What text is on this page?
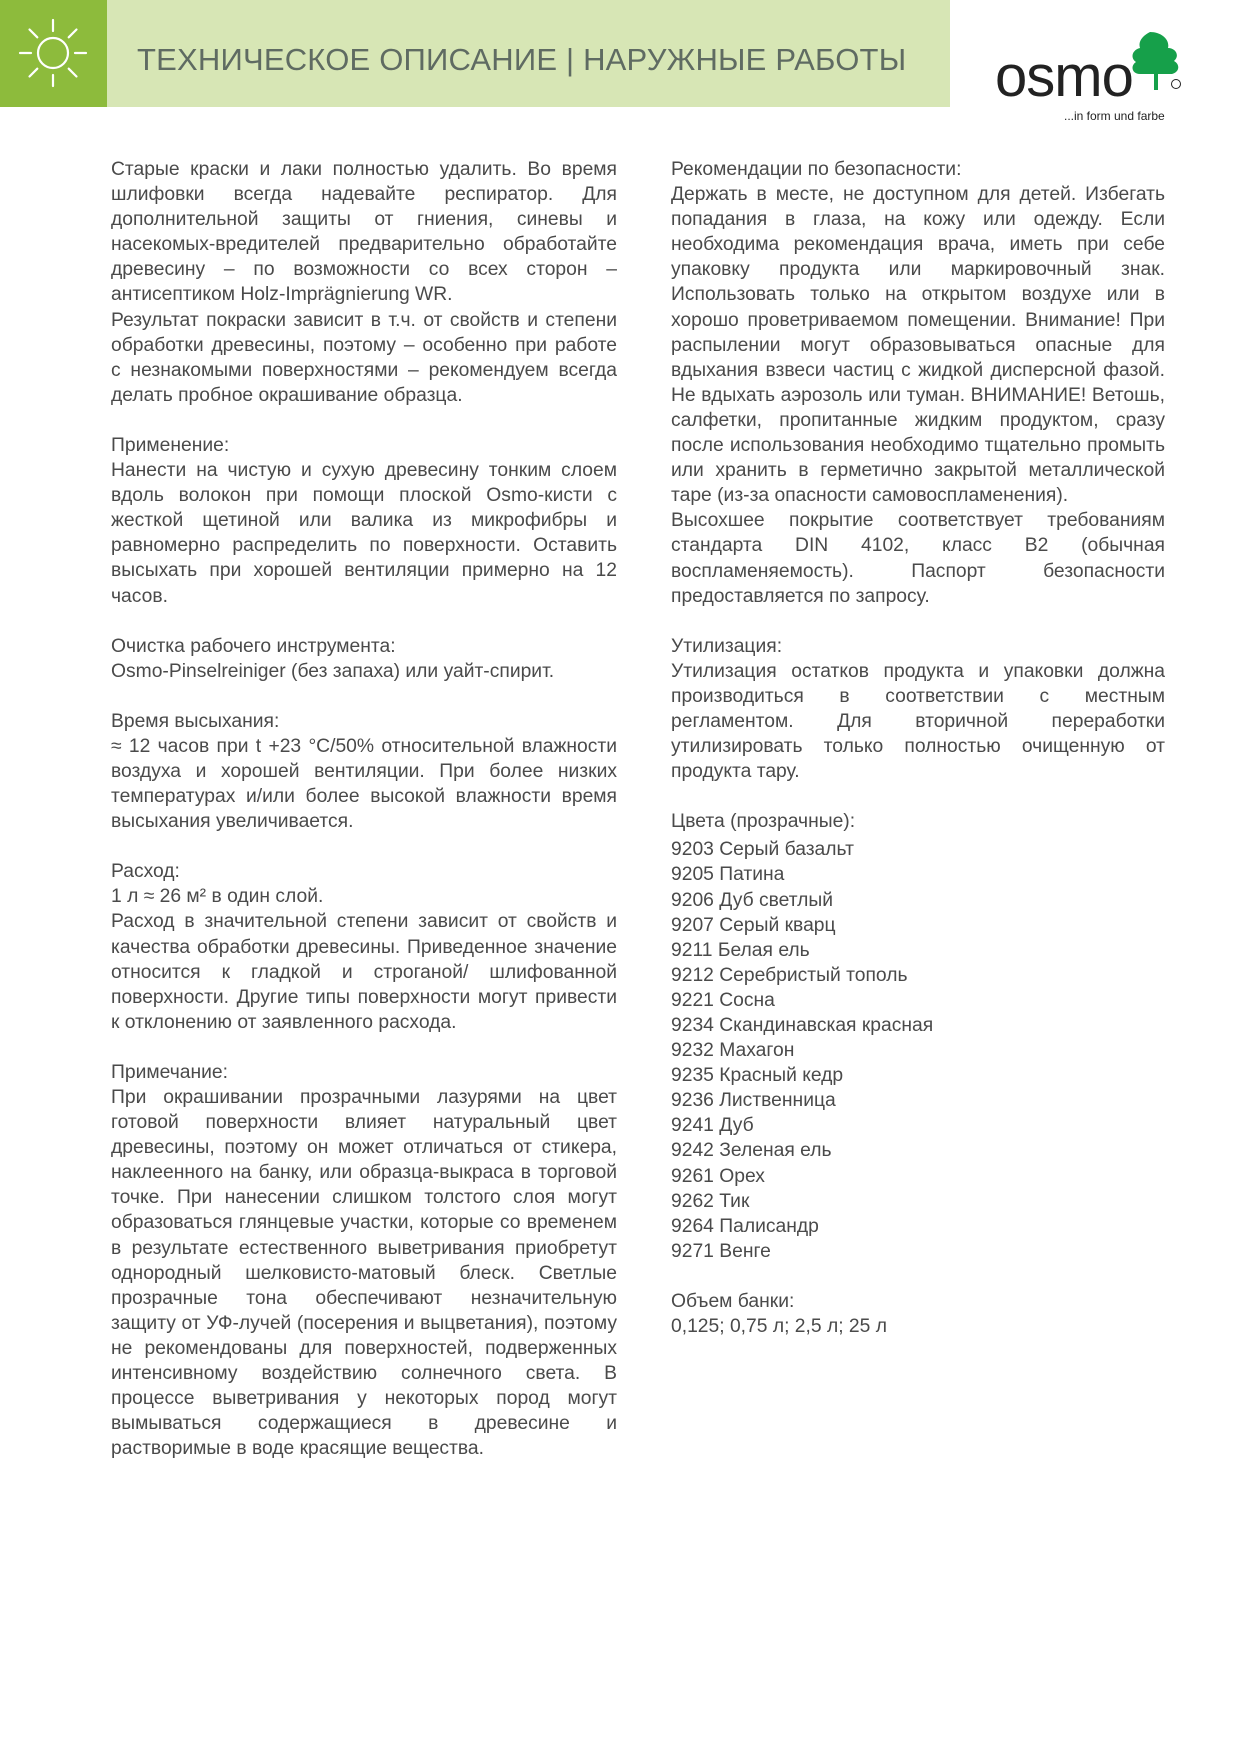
ТЕХНИЧЕСКОЕ ОПИСАНИЕ | НАРУЖНЫЕ РАБОТЫ osmo
...in form und farbe

Старые краски и лаки полностью удалить. Во время шлифовки всегда надевайте респиратор. Для дополнительной защиты от гниения, синевы и насекомых-вредителей предварительно обработайте древесину – по возможности со всех сторон – антисептиком Holz-Imprägnierung WR.

Результат покраски зависит в т.ч. от свойств и степени обработки древесины, поэтому – особенно при работе с незнакомыми поверхностями – рекомендуем всегда делать пробное окрашивание образца.

Применение:

Нанести на чистую и сухую древесину тонким слоем вдоль волокон при помощи плоской Osmo-кисти с жесткой щетиной или валика из микрофибры и равномерно распределить по поверхности. Оставить высыхать при хорошей вентиляции примерно на 12 часов.

Очистка рабочего инструмента:

Osmo-Pinselreiniger (без запаха) или уайт-спирит.

Время высыхания:

≈ 12 часов при t +23 °C/50% относительной влажности воздуха и хорошей вентиляции. При более низких температурах и/или более высокой влажности время высыхания увеличивается.

Расход:

1 л ≈ 26 м² в один слой.

Расход в значительной степени зависит от свойств и качества обработки древесины. Приведенное значение относится к гладкой и строганой/ шлифованной поверхности. Другие типы поверхности могут привести к отклонению от заявленного расхода.

Примечание:

При окрашивании прозрачными лазурями на цвет готовой поверхности влияет натуральный цвет древесины, поэтому он может отличаться от стикера, наклеенного на банку, или образца-выкраса в торговой точке. При нанесении слишком толстого слоя могут образоваться глянцевые участки, которые со временем в результате естественного выветривания приобретут однородный шелковисто-матовый блеск. Светлые прозрачные тона обеспечивают незначительную защиту от УФ-лучей (посерения и выцветания), поэтому не рекомендованы для поверхностей, подверженных интенсивному воздействию солнечного света. В процессе выветривания у некоторых пород могут вымываться содержащиеся в древесине и растворимые в воде красящие вещества.

Рекомендации по безопасности:

Держать в месте, не доступном для детей. Избегать попадания в глаза, на кожу или одежду. Если необходима рекомендация врача, иметь при себе упаковку продукта или маркировочный знак. Использовать только на открытом воздухе или в хорошо проветриваемом помещении. Внимание! При распылении могут образовываться опасные для вдыхания взвеси частиц с жидкой дисперсной фазой. Не вдыхать аэрозоль или туман. ВНИМАНИЕ! Ветошь, салфетки, пропитанные жидким продуктом, сразу после использования необходимо тщательно промыть или хранить в герметично закрытой металлической таре (из-за опасности самовоспламенения).

Высохшее покрытие соответствует требованиям стандарта DIN 4102, класс B2 (обычная воспламеняемость). Паспорт безопасности предоставляется по запросу.

Утилизация:

Утилизация остатков продукта и упаковки должна производиться в соответствии с местным регламентом. Для вторичной переработки утилизировать только полностью очищенную от продукта тару.

Цвета (прозрачные):

9203 Серый базальт
9205 Патина
9206 Дуб светлый
9207 Серый кварц
9211 Белая ель
9212 Серебристый тополь
9221 Сосна
9234 Скандинавская красная
9232 Махагон
9235 Красный кедр
9236 Лиственница
9241 Дуб
9242 Зеленая ель
9261 Орех
9262 Тик
9264 Палисандр
9271 Венге

Объем банки:

0,125; 0,75 л; 2,5 л; 25 л
